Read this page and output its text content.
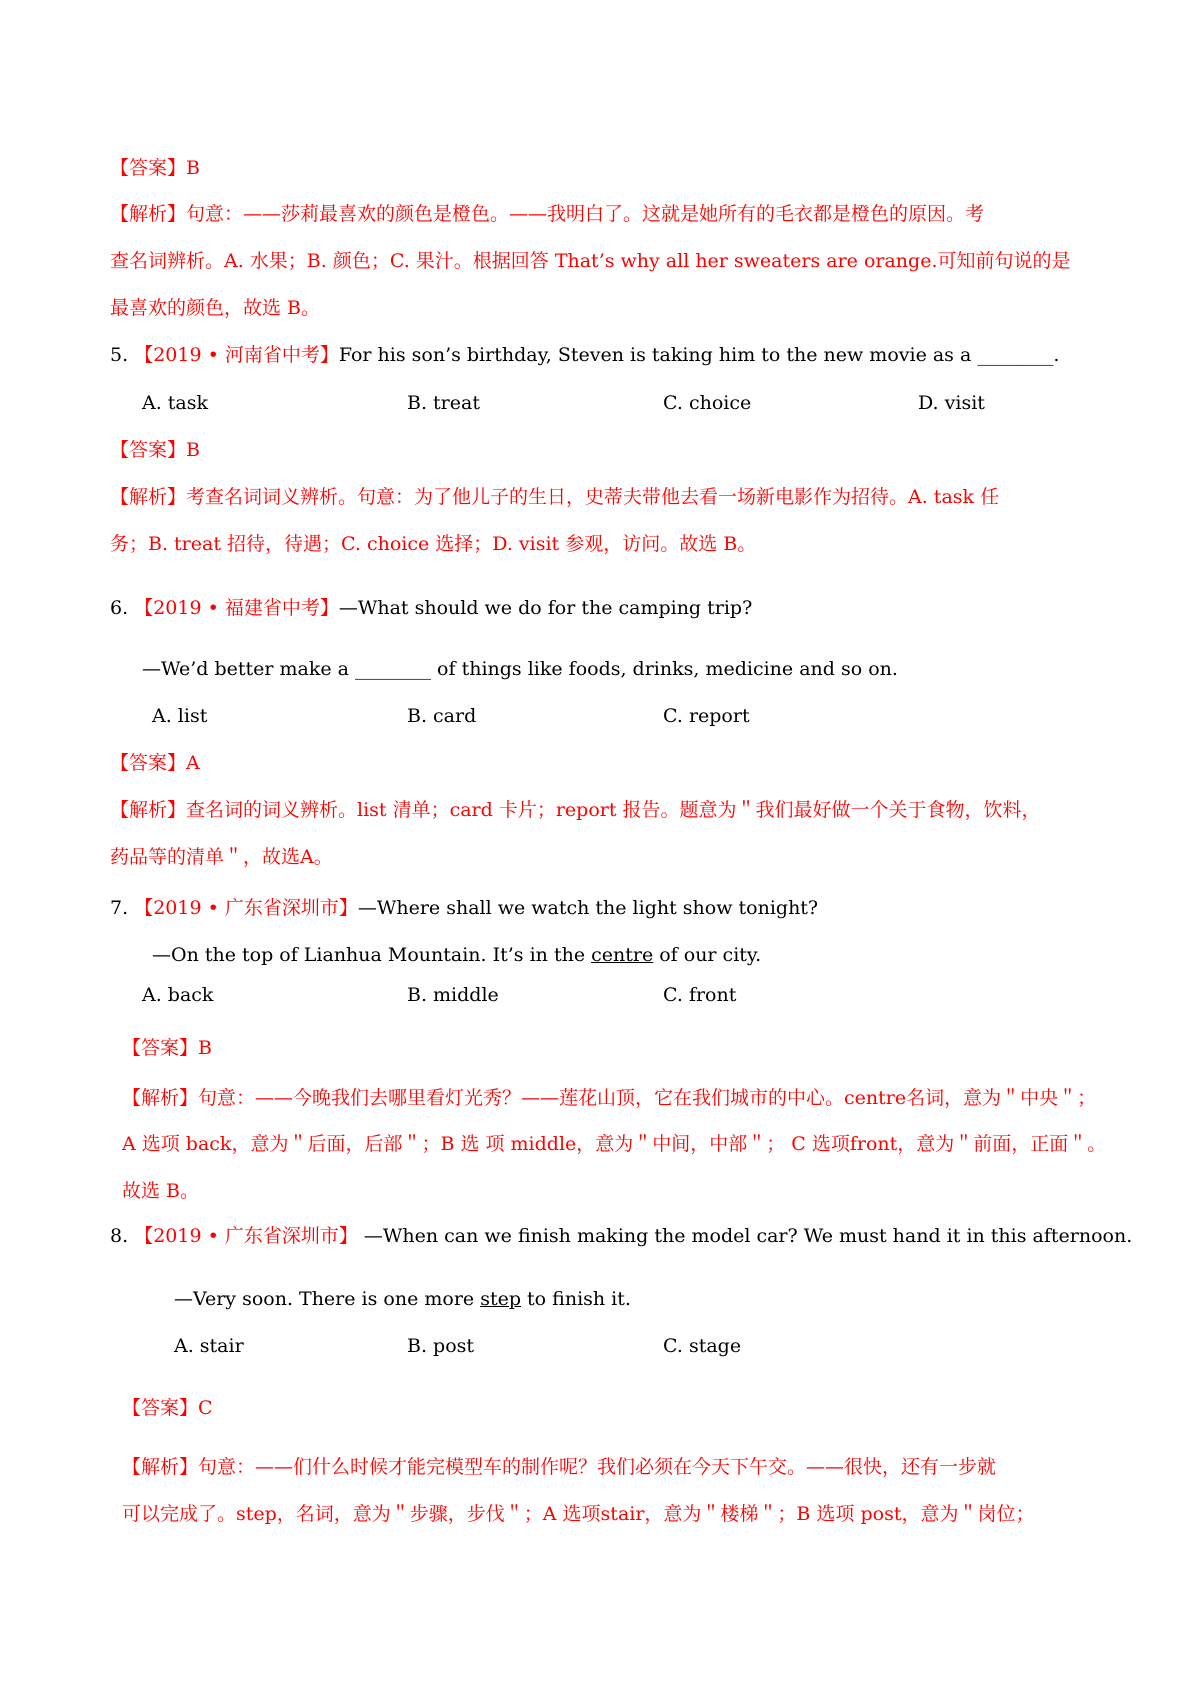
【答案】B
【解析】句意：——莎莉最喜欢的颜色是橙色。——我明白了。这就是她所有的毛衣都是橙色的原因。考
查名词辨析。A. 水果；B. 颜色；C. 果汁。根据回答 That’s why all her sweaters are orange.可知前句说的是
最喜欢的颜色，故选 B。
5. 【2019 • 河南省中考】For his son’s birthday, Steven is taking him to the new movie as a ________.
A. task	B. treat	C. choice	D. visit
【答案】B
【解析】考查名词词义辨析。句意：为了他儿子的生日，史蒂夫带他去看一场新电影作为招待。A. task 任
务；B. treat 招待，待遇；C. choice 选择；D. visit 参观，访问。故选 B。
6. 【2019 • 福建省中考】—What should we do for the camping trip?
—We’d better make a ________ of things like foods, drinks, medicine and so on.
A. list	B. card	C. report
【答案】A
【解析】查名词的词义辨析。list 清单；card 卡片；report 报告。题意为＂我们最好做一个关于食物，饮料，
药品等的清单＂，故选A。
7. 【2019 • 广东省深圳市】—Where shall we watch the light show tonight?
—On the top of Lianhua Mountain. It’s in the centre of our city.
A. back	B. middle	C. front
【答案】B
【解析】句意：——今晚我们去哪里看灯光秀？——莲花山顶，它在我们城市的中心。centre名词，意为＂中央＂；
A 选项 back，意为＂后面，后部＂；B 选 项 middle，意为＂中间，中部＂； C 选项front，意为＂前面，正面＂。
故选 B。
8. 【2019 • 广东省深圳市】 —When can we finish making the model car? We must hand it in this afternoon.
—Very soon. There is one more step to finish it.
A. stair	B. post	C. stage
【答案】C
【解析】句意：——们什么时候才能完模型车的制作呢？我们必须在今天下午交。——很快，还有一步就
可以完成了。step，名词，意为＂步骤，步伐＂；A 选项stair，意为＂楼梯＂；B 选项 post，意为＂岗位；
